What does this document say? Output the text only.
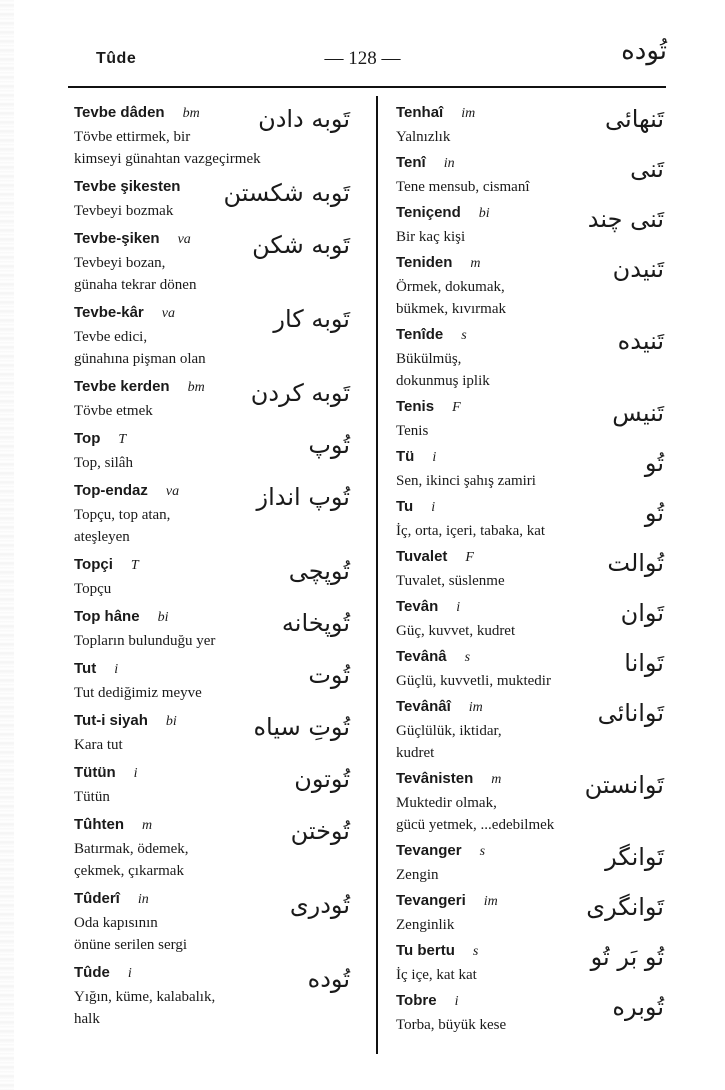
Tûde	— 128 —	تُوده
Tevbe dâden bm
Tövbe ettirmek, bir
kimseyi günahtan vazgeçirmek
تَوبه دادن
Tevbe şikesten
Tevbeyi bozmak
تَوبه شکستن
Tevbe-şiken va
Tevbeyi bozan,
günaha tekrar dönen
تَوبه شکن
Tevbe-kâr va
Tevbe edici,
günahına pişman olan
تَوبه کار
Tevbe kerden bm
Tövbe etmek
تَوبه کردن
Top T
Top, silâh
تُوپ
Top-endaz va
Topçu, top atan,
ateşleyen
تُوپ انداز
Topçi T
Topçu
تُوپچی
Top hâne bi
Topların bulunduğu yer
تُوپخانه
Tut i
Tut dediğimiz meyve
تُوت
Tut-i siyah bi
Kara tut
تُوتِ سیاه
Tütün i
Tütün
تُوتون
Tûhten m
Batırmak, ödemek,
çekmek, çıkarmak
تُوختن
Tûderî in
Oda kapısının
önüne serilen sergi
تُودری
Tûde i
Yığın, küme, kalabalık,
halk
تُوده
Tenhaî im
Yalnızlık
تَنهائی
Tenî in
Tene mensub, cismanî
تَنی
Teniçend bi
Bir kaç kişi
تَنی چند
Teniden m
Örmek, dokumak,
bükmek, kıvırmak
تَنیدن
Tenîde s
Bükülmüş,
dokunmuş iplik
تَنیده
Tenis F
Tenis
تَنیس
Tü i
Sen, ikinci şahış zamiri
تُو
Tu i
İç, orta, içeri, tabaka, kat
تُو
Tuvalet F
Tuvalet, süslenme
تُوالت
Tevân i
Güç, kuvvet, kudret
تَوان
Tevânâ s
Güçlü, kuvvetli, muktedir
تَوانا
Tevânâî im
Güçlülük, iktidar,
kudret
تَوانائی
Tevânisten m
Muktedir olmak,
gücü yetmek, ...edebilmek
تَوانستن
Tevanger s
Zengin
تَوانگر
Tevangeri im
Zenginlik
تَوانگری
Tu bertu s
İç içe, kat kat
تُو بَر تُو
Tobre i
Torba, büyük kese
تُوبره
